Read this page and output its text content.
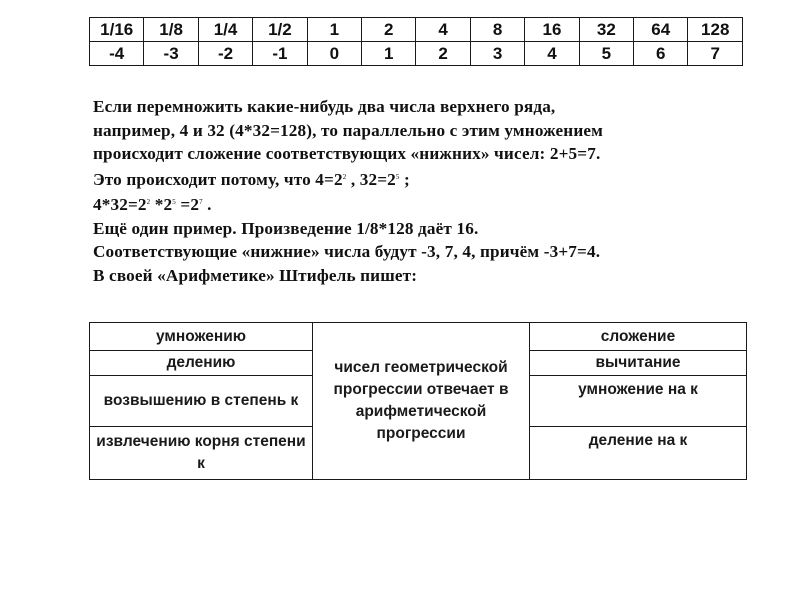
1/16	1/8	1/4	1/2	1	2	4	8	16	32	64	128
-4	-3	-2	-1	0	1	2	3	4	5	6	7
Если перемножить какие-нибудь два числа верхнего ряда,
например, 4 и 32 (4*32=128), то параллельно с этим умножением
происходит сложение соответствующих «нижних» чисел: 2+5=7.
Это происходит потому, что $4=2^2$ , $32=2^5$ ;
$4*32=2^2$ $*2^5 =2^7$ .
Ещё один пример. Произведение 1/8*128 даёт 16.
Соответствующие «нижние» числа будут -3, 7, 4, причём -3+7=4.
В своей «Арифметике» Штифель пишет:
умножению	чисел геометрической прогрессии отвечает в арифметической прогрессии	сложение
делению		вычитание
возвышению в степень к		умножение на к
извлечению корня степени к		деление на к
